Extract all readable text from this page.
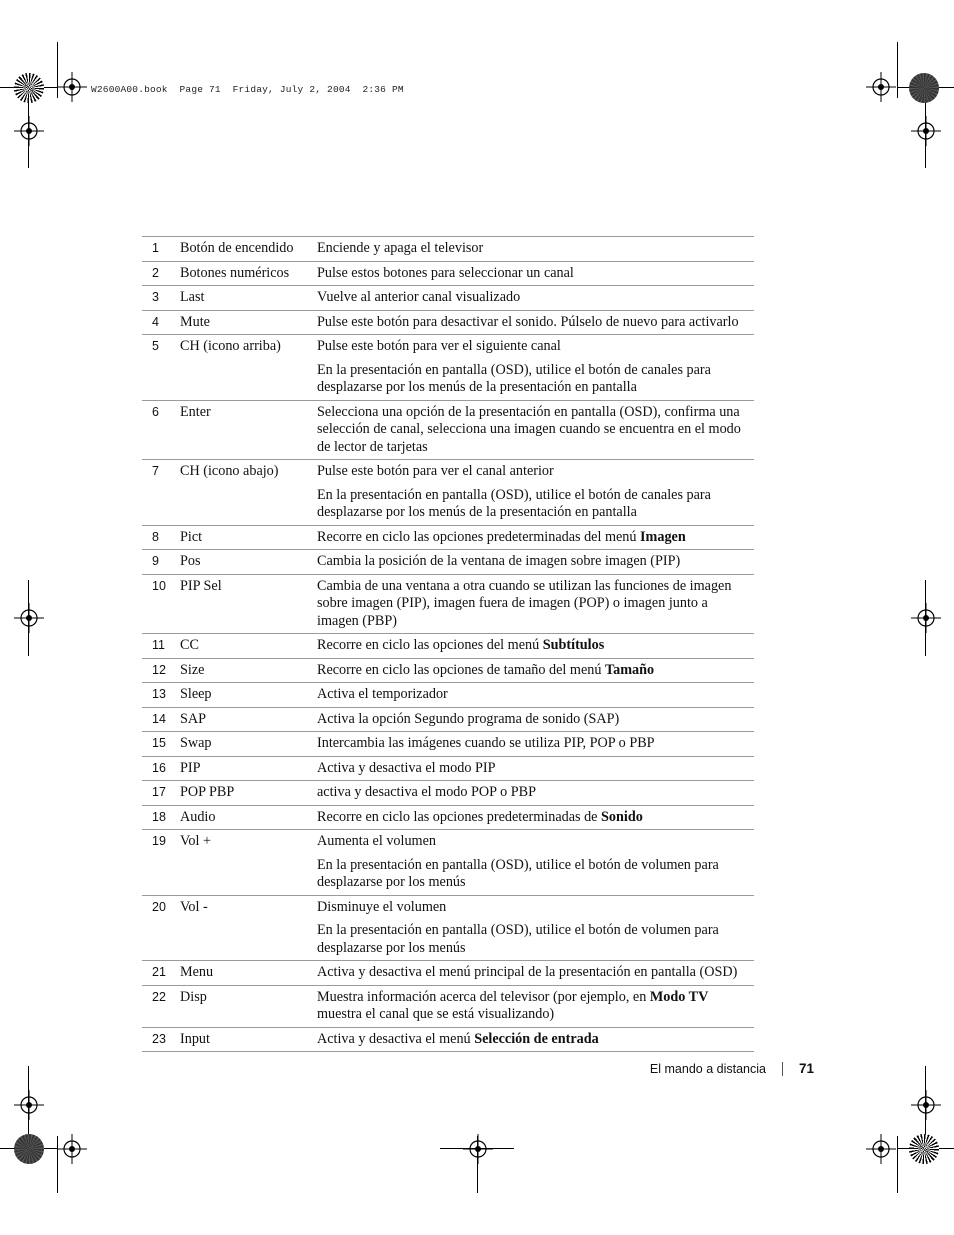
W2600A00.book  Page 71  Friday, July 2, 2004  2:36 PM
1	Botón de encendido	Enciende y apaga el televisor

2	Botones numéricos	Pulse estos botones para seleccionar un canal

3	Last	Vuelve al anterior canal visualizado

4	Mute	Pulse este botón para desactivar el sonido. Púlselo de nuevo para activarlo

5	CH (icono arriba)	Pulse este botón para ver el siguiente canal
En la presentación en pantalla (OSD), utilice el botón de canales para desplazarse por los menús de la presentación en pantalla

6	Enter	Selecciona una opción de la presentación en pantalla (OSD), confirma una selección de canal, selecciona una imagen cuando se encuentra en el modo de lector de tarjetas

7	CH (icono abajo)	Pulse este botón para ver el canal anterior
En la presentación en pantalla (OSD), utilice el botón de canales para desplazarse por los menús de la presentación en pantalla

8	Pict	Recorre en ciclo las opciones predeterminadas del menú Imagen

9	Pos	Cambia la posición de la ventana de imagen sobre imagen (PIP)

10	PIP Sel	Cambia de una ventana a otra cuando se utilizan las funciones de imagen sobre imagen (PIP), imagen fuera de imagen (POP) o imagen junto a imagen (PBP)

11	CC	Recorre en ciclo las opciones del menú Subtítulos

12	Size	Recorre en ciclo las opciones de tamaño del menú Tamaño

13	Sleep	Activa el temporizador

14	SAP	Activa la opción Segundo programa de sonido (SAP)

15	Swap	Intercambia las imágenes cuando se utiliza PIP, POP o PBP

16	PIP	Activa y desactiva el modo PIP

17	POP PBP	activa y desactiva el modo POP o PBP

18	Audio	Recorre en ciclo las opciones predeterminadas de Sonido

19	Vol +	Aumenta el volumen
En la presentación en pantalla (OSD), utilice el botón de volumen para desplazarse por los menús

20	Vol -	Disminuye el volumen
En la presentación en pantalla (OSD), utilice el botón de volumen para desplazarse por los menús

21	Menu	Activa y desactiva el menú principal de la presentación en pantalla (OSD)

22	Disp	Muestra información acerca del televisor (por ejemplo, en Modo TV muestra el canal que se está visualizando)

23	Input	Activa y desactiva el menú Selección de entrada
El mando a distancia 71
